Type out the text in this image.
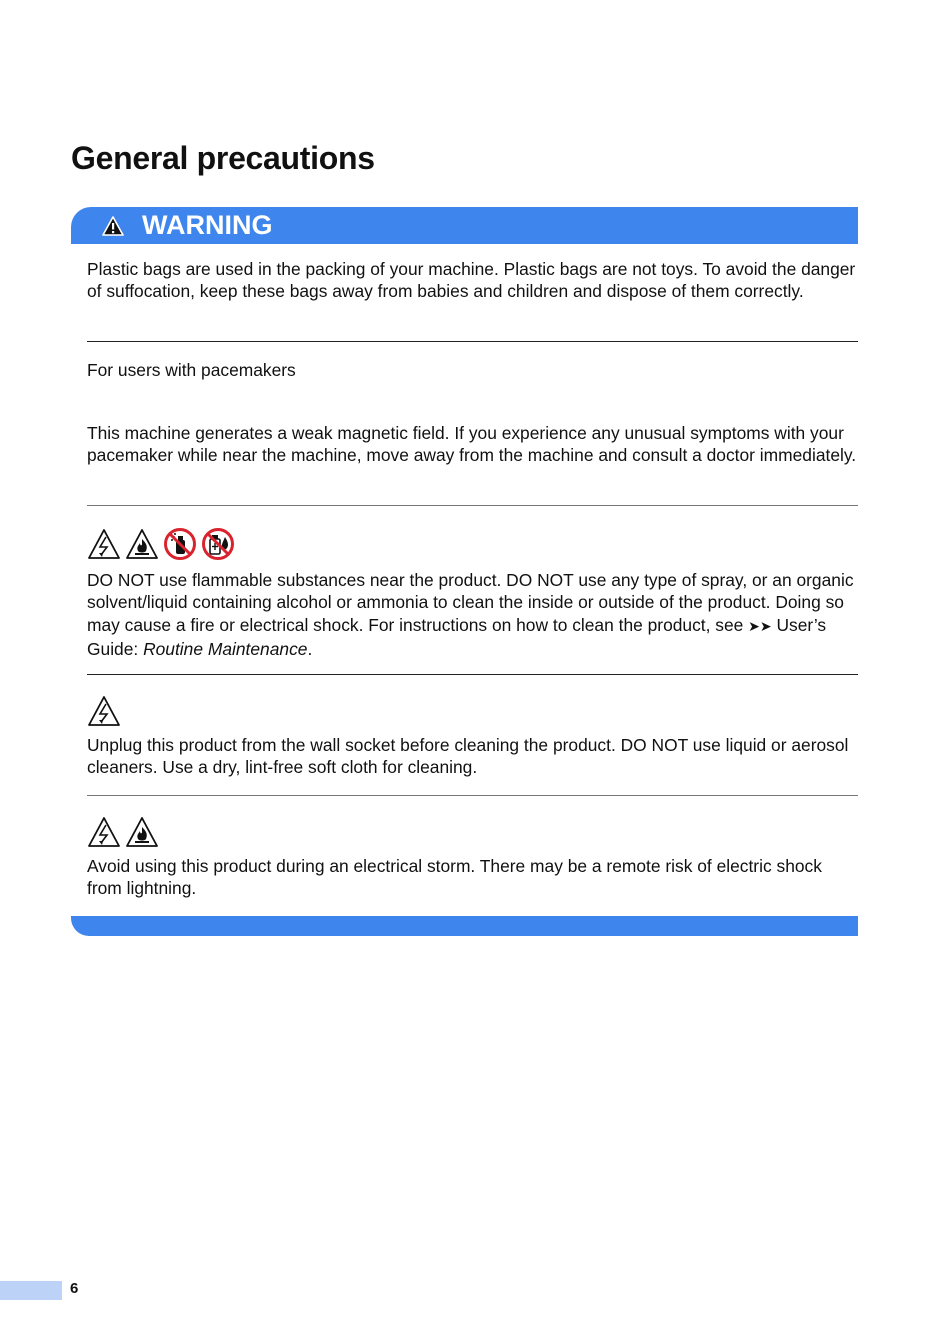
General precautions
WARNING
Plastic bags are used in the packing of your machine. Plastic bags are not toys. To avoid the danger of suffocation, keep these bags away from babies and children and dispose of them correctly.
For users with pacemakers
This machine generates a weak magnetic field. If you experience any unusual symptoms with your pacemaker while near the machine, move away from the machine and consult a doctor immediately.
DO NOT use flammable substances near the product. DO NOT use any type of spray, or an organic solvent/liquid containing alcohol or ammonia to clean the inside or outside of the product. Doing so may cause a fire or electrical shock. For instructions on how to clean the product, see ➤➤ User’s Guide: Routine Maintenance.
Unplug this product from the wall socket before cleaning the product. DO NOT use liquid or aerosol cleaners. Use a dry, lint-free soft cloth for cleaning.
Avoid using this product during an electrical storm. There may be a remote risk of electric shock from lightning.
6
